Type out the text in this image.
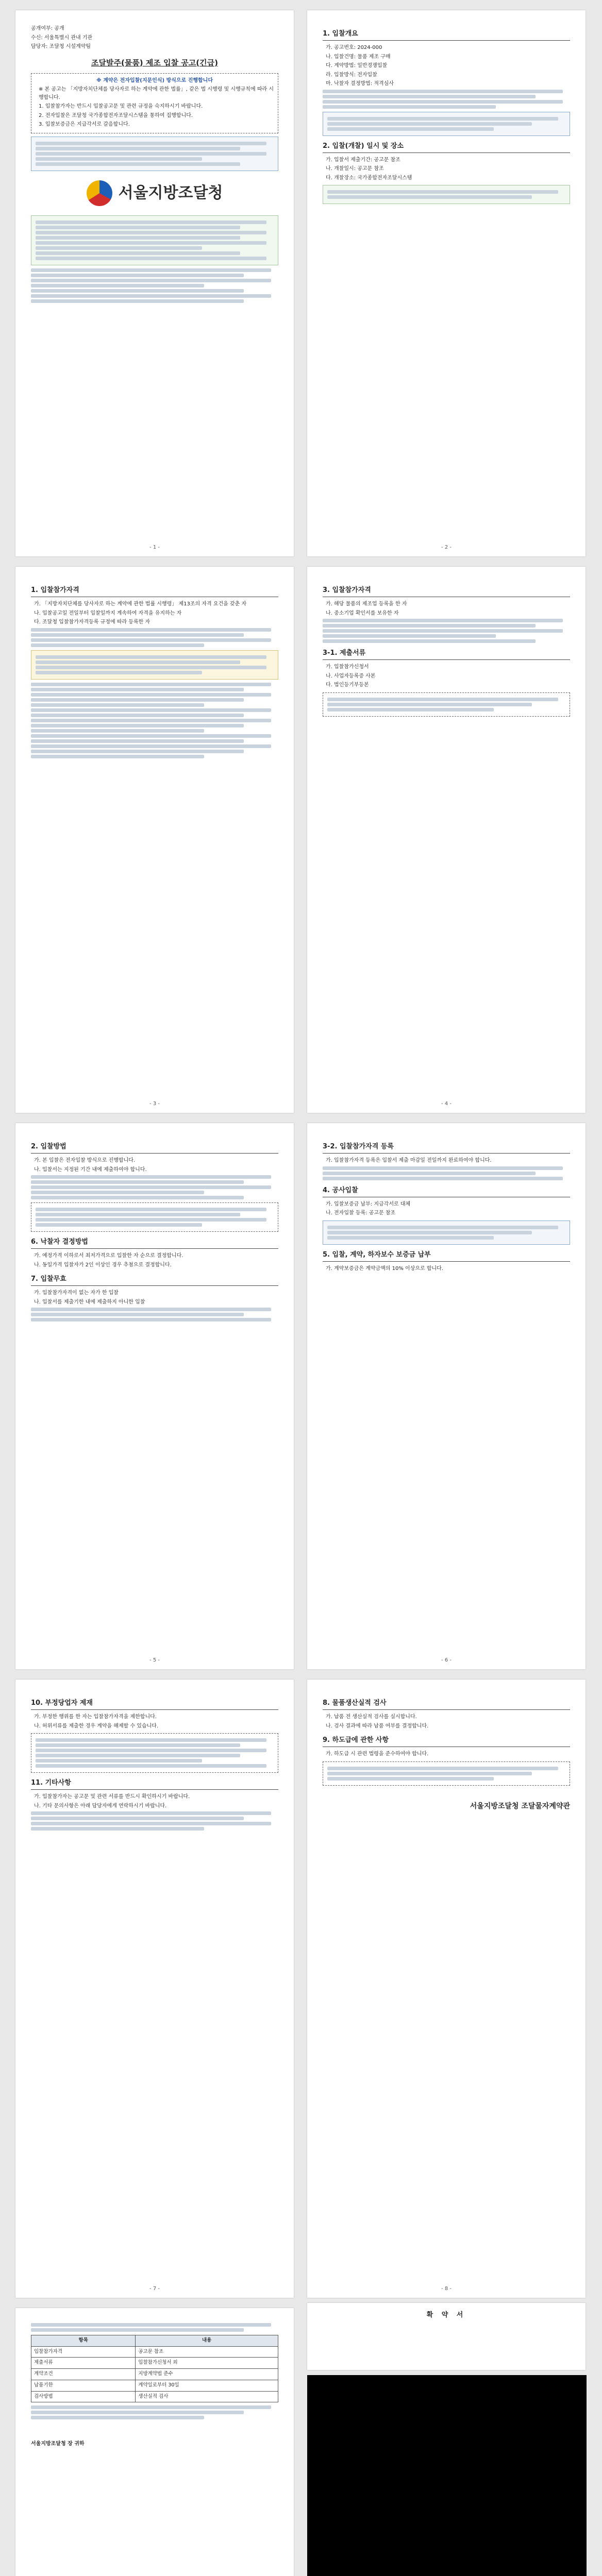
공개여부: 공개
수신: 서울특별시 관내 기관
담당자: 조달청 시설계약팀
조달발주(물품) 제조 입찰 공고(긴급)
※ 계약은 전자입찰(지문인식) 방식으로 진행합니다
※ 본 공고는 「지방자치단체를 당사자로 하는 계약에 관한 법률」, 같은 법 시행령 및 시행규칙에 따라 시행합니다.
1. 입찰참가자는 반드시 입찰공고문 및 관련 규정을 숙지하시기 바랍니다.
2. 전자입찰은 조달청 국가종합전자조달시스템을 통하여 집행합니다.
3. 입찰보증금은 지급각서로 갈음합니다.
서울지방조달청
- 1 -
1. 입찰참가자격
가. 「지방자치단체를 당사자로 하는 계약에 관한 법률 시행령」 제13조의 자격 요건을 갖춘 자
나. 입찰공고일 전일부터 입찰일까지 계속하여 자격을 유지하는 자
다. 조달청 입찰참가자격등록 규정에 따라 등록한 자
- 3 -
2. 입찰방법
가. 본 입찰은 전자입찰 방식으로 진행합니다.
나. 입찰서는 지정된 기간 내에 제출하여야 합니다.
6. 낙찰자 결정방법
가. 예정가격 이하로서 최저가격으로 입찰한 자 순으로 결정합니다.
나. 동일가격 입찰자가 2인 이상인 경우 추첨으로 결정합니다.
7. 입찰무효
가. 입찰참가자격이 없는 자가 한 입찰
나. 입찰서를 제출기한 내에 제출하지 아니한 입찰
- 5 -
10. 부정당업자 제재
가. 부정한 행위를 한 자는 입찰참가자격을 제한합니다.
나. 허위서류를 제출한 경우 계약을 해제할 수 있습니다.
11. 기타사항
가. 입찰참가자는 공고문 및 관련 서류를 반드시 확인하시기 바랍니다.
나. 기타 문의사항은 아래 담당자에게 연락하시기 바랍니다.
- 7 -
항목	내용
입찰참가자격	공고문 참조
제출서류	입찰참가신청서 외
계약조건	지방계약법 준수
납품기한	계약일로부터 30일
검사방법	생산실적 검사
서울지방조달청 장 귀하
1. 입찰개요
가. 공고번호: 2024-000
나. 입찰건명: 물품 제조 구매
다. 계약방법: 일반경쟁입찰
라. 입찰방식: 전자입찰
마. 낙찰자 결정방법: 적격심사
2. 입찰(개찰) 일시 및 장소
가. 입찰서 제출기간: 공고문 참조
나. 개찰일시: 공고문 참조
다. 개찰장소: 국가종합전자조달시스템
- 2 -
3. 입찰참가자격
가. 해당 물품의 제조업 등록을 한 자
나. 중소기업 확인서를 보유한 자
3-1. 제출서류
가. 입찰참가신청서
나. 사업자등록증 사본
다. 법인등기부등본
- 4 -
3-2. 입찰참가자격 등록
가. 입찰참가자격 등록은 입찰서 제출 마감일 전일까지 완료하여야 합니다.
4. 공사입찰
가. 입찰보증금 납부: 지급각서로 대체
나. 전자입찰 등록: 공고문 참조
5. 입찰, 계약, 하자보수 보증금 납부
가. 계약보증금은 계약금액의 10% 이상으로 합니다.
- 6 -
8. 물품생산실적 검사
가. 납품 전 생산실적 검사를 실시합니다.
나. 검사 결과에 따라 납품 여부를 결정합니다.
9. 하도급에 관한 사항
가. 하도급 시 관련 법령을 준수하여야 합니다.
서울지방조달청 조달물자계약관
- 8 -
확 약 서
